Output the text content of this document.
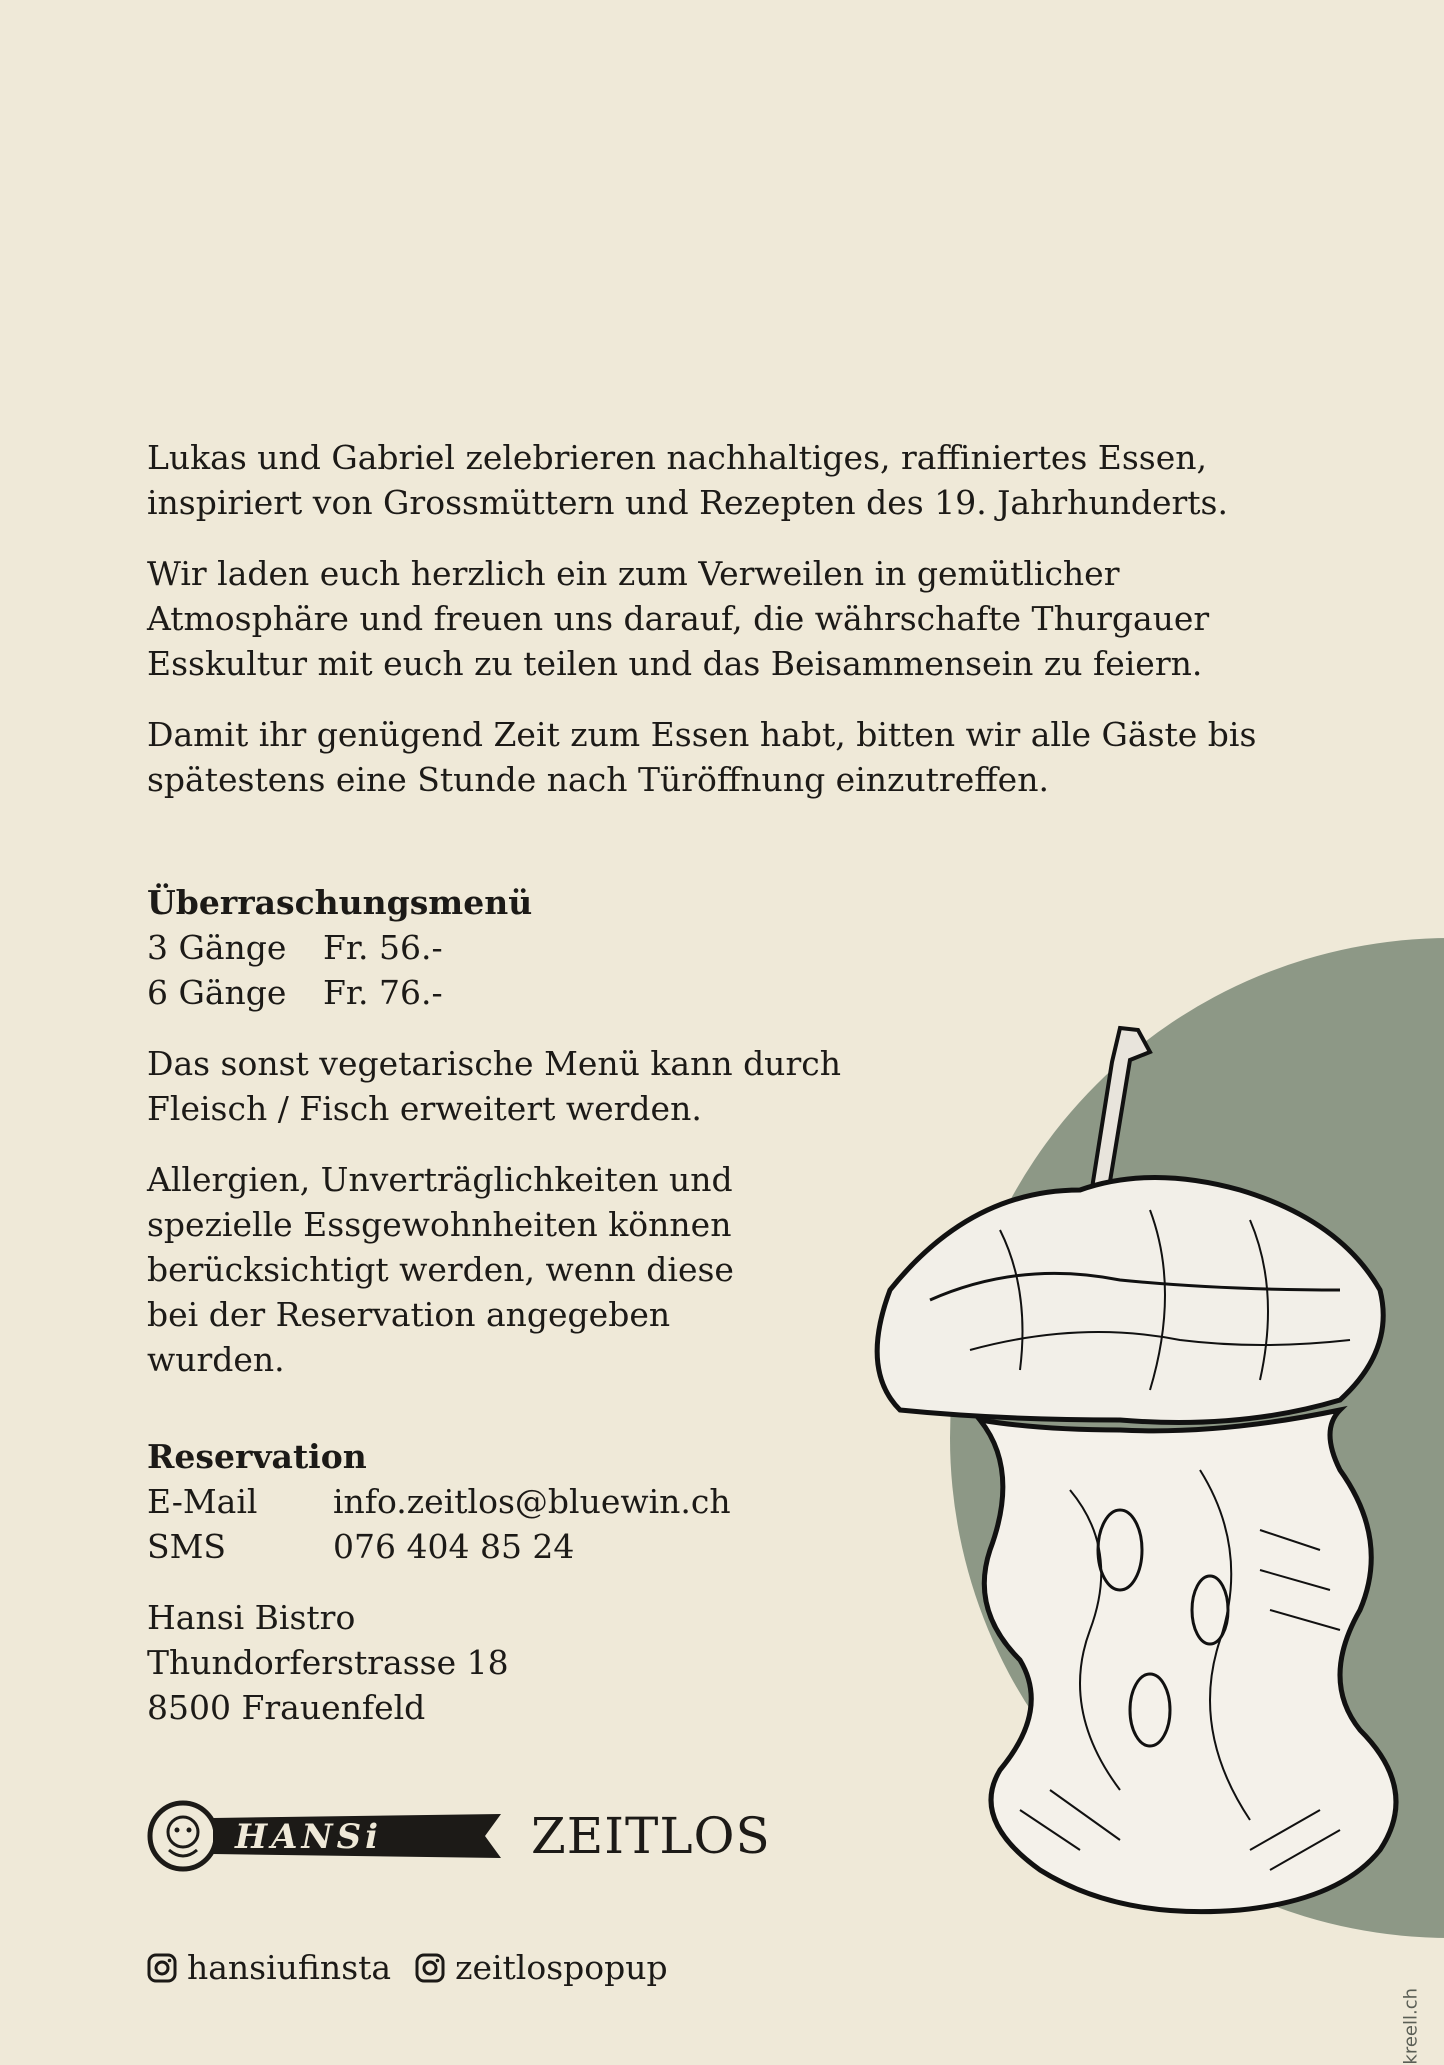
Lukas und Gabriel zelebrieren nachhaltiges, raffiniertes Essen, inspiriert von Grossmüttern und Rezepten des 19. Jahrhunderts.

Wir laden euch herzlich ein zum Verweilen in gemütlicher Atmosphäre und freuen uns darauf, die währschafte Thurgauer Esskultur mit euch zu teilen und das Beisammensein zu feiern.

Damit ihr genügend Zeit zum Essen habt, bitten wir alle Gäste bis spätestens eine Stunde nach Türöffnung einzutreffen.

Überraschungsmenü
3 Gänge	Fr. 56.-
6 Gänge	Fr. 76.-
Das sonst vegetarische Menü kann durch Fleisch / Fisch erweitert werden.
Allergien, Unverträglichkeiten und spezielle Essgewohnheiten können berücksichtigt werden, wenn diese bei der Reservation angegeben wurden.
Reservation
E-Mail	info.zeitlos@bluewin.ch
SMS	076 404 85 24
Hansi Bistro
Thundorferstrasse 18
8500 Frauenfeld
HANSi	ZEITLOS
hansiufinsta zeitlospopup
kreell.ch
